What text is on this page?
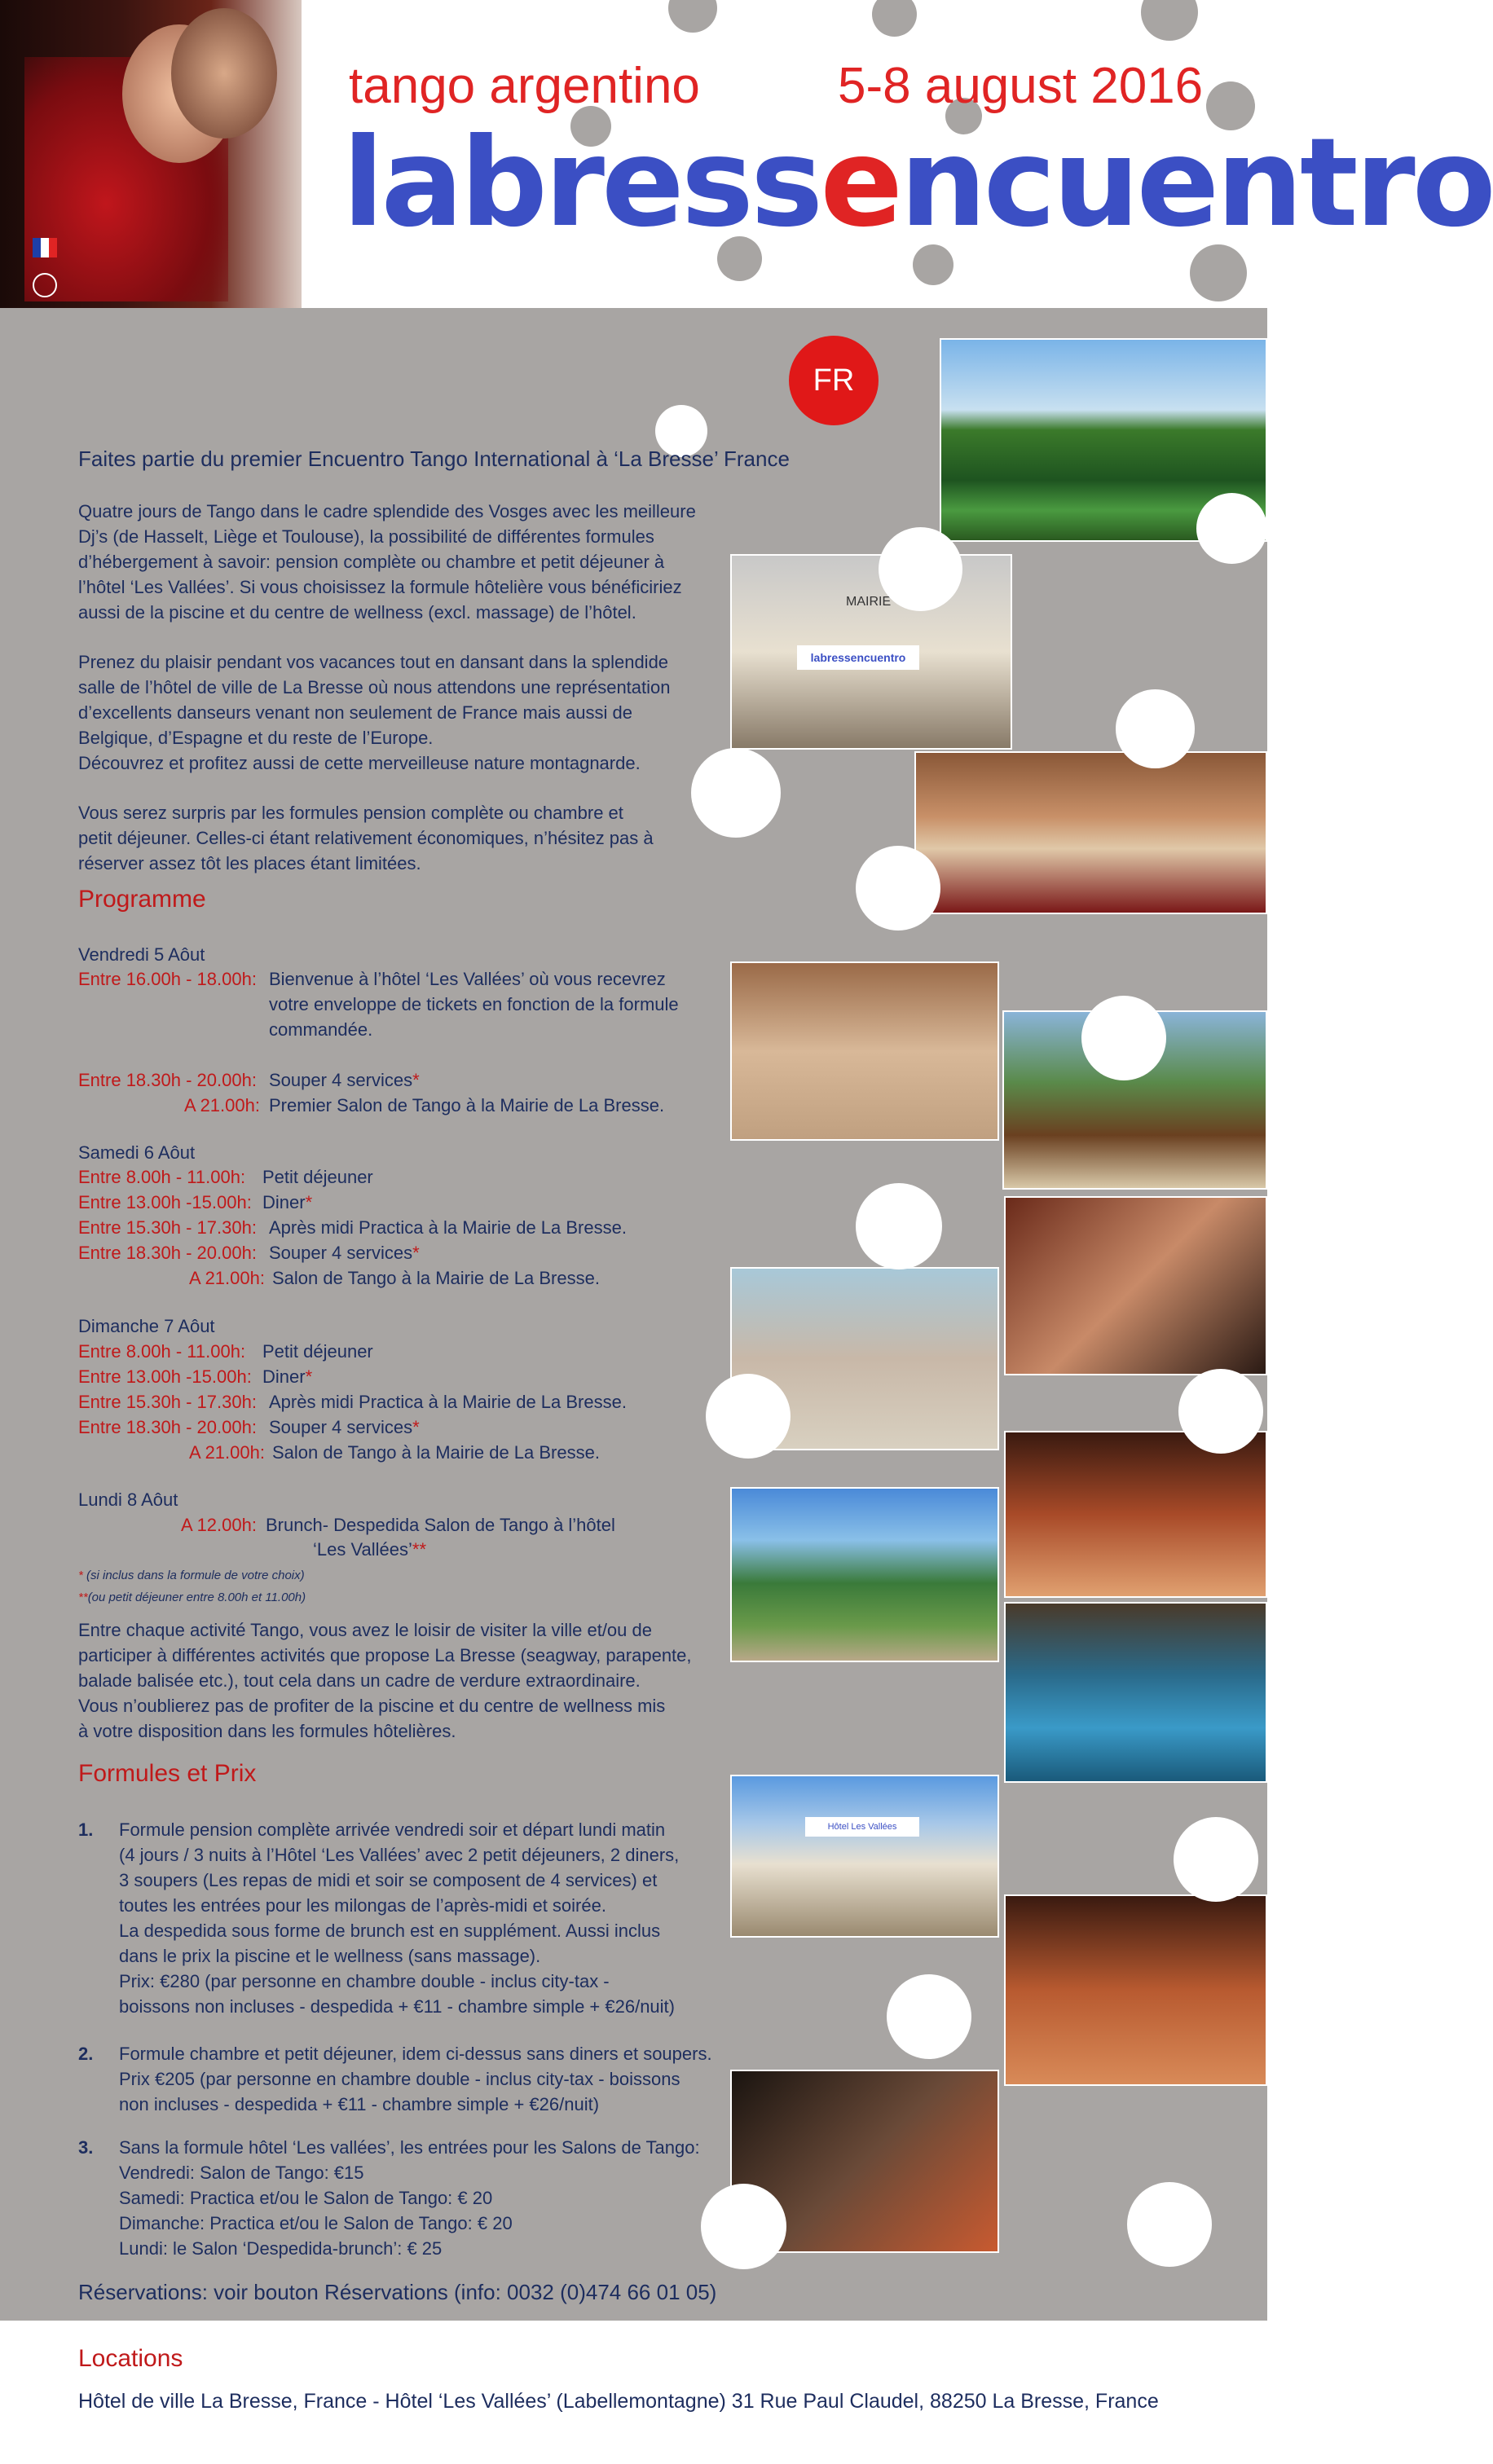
tango argentino	5-8 august 2016
labressencuentro
MAIRIE
labressencuentro
Hôtel Les Vallées
FR
Faites partie du premier Encuentro Tango International à ‘La Bresse’ France
Quatre jours de Tango dans le cadre splendide des Vosges avec les meilleure
Dj’s (de Hasselt, Liège et Toulouse), la possibilité de différentes formules
d’hébergement à savoir: pension complète ou chambre et petit déjeuner à
l’hôtel ‘Les Vallées’. Si vous choisissez la formule hôtelière vous bénéficiriez
aussi de la piscine et du centre de wellness (excl. massage) de l’hôtel.
Prenez du plaisir pendant vos vacances tout en dansant dans la splendide
salle de l’hôtel de ville de La Bresse où nous attendons une représentation
d’excellents danseurs venant non seulement de France mais aussi de
Belgique, d’Espagne et du reste de l’Europe.
Découvrez et profitez aussi de cette merveilleuse nature montagnarde.
Vous serez surpris par les formules pension complète ou chambre et
petit déjeuner. Celles-ci étant relativement économiques, n’hésitez pas à
réserver assez tôt les places étant limitées.
Programme
Vendredi 5 Aôut
Entre 16.00h - 18.00h: Bienvenue à l’hôtel ‘Les Vallées’ où vous recevrez
votre enveloppe de tickets en fonction de la formule
commandée.
Entre 18.30h - 20.00h: Souper 4 services*
A 21.00h: Premier Salon de Tango à la Mairie de La Bresse.
Samedi 6 Aôut
Entre 8.00h - 11.00h: Petit déjeuner
Entre 13.00h -15.00h: Diner*
Entre 15.30h - 17.30h: Après midi Practica à la Mairie de La Bresse.
Entre 18.30h - 20.00h: Souper 4 services*
A 21.00h: Salon de Tango à la Mairie de La Bresse.
Dimanche 7 Aôut
Entre 8.00h - 11.00h: Petit déjeuner
Entre 13.00h -15.00h: Diner*
Entre 15.30h - 17.30h: Après midi Practica à la Mairie de La Bresse.
Entre 18.30h - 20.00h: Souper 4 services*
A 21.00h: Salon de Tango à la Mairie de La Bresse.
Lundi 8 Aôut
A 12.00h: Brunch- Despedida Salon de Tango à l’hôtel
‘Les Vallées’**
* (si inclus dans la formule de votre choix)
**(ou petit déjeuner entre 8.00h et 11.00h)
Entre chaque activité Tango, vous avez le loisir de visiter la ville et/ou de
participer à différentes activités que propose La Bresse (seagway, parapente,
balade balisée etc.), tout cela dans un cadre de verdure extraordinaire.
Vous n’oublierez pas de profiter de la piscine et du centre de wellness mis
à votre disposition dans les formules hôtelières.
Formules et Prix
1. Formule pension complète arrivée vendredi soir et départ lundi matin
(4 jours / 3 nuits à l’Hôtel ‘Les Vallées’ avec 2 petit déjeuners, 2 diners,
3 soupers (Les repas de midi et soir se composent de 4 services) et
toutes les entrées pour les milongas de l’après-midi et soirée.
La despedida sous forme de brunch est en supplément. Aussi inclus
dans le prix la piscine et le wellness (sans massage).
Prix: €280 (par personne en chambre double - inclus city-tax -
boissons non incluses - despedida + €11 - chambre simple + €26/nuit)
2. Formule chambre et petit déjeuner, idem ci-dessus sans diners et soupers.
Prix €205 (par personne en chambre double - inclus city-tax - boissons
non incluses - despedida + €11 - chambre simple + €26/nuit)
3. Sans la formule hôtel ‘Les vallées’, les entrées pour les Salons de Tango:
Vendredi: Salon de Tango: €15
Samedi: Practica et/ou le Salon de Tango: € 20
Dimanche: Practica et/ou le Salon de Tango: € 20
Lundi: le Salon ‘Despedida-brunch’: € 25
Réservations: voir bouton Réservations (info: 0032 (0)474 66 01 05)
Locations
Hôtel de ville La Bresse, France - Hôtel ‘Les Vallées’ (Labellemontagne) 31 Rue Paul Claudel, 88250 La Bresse, France
